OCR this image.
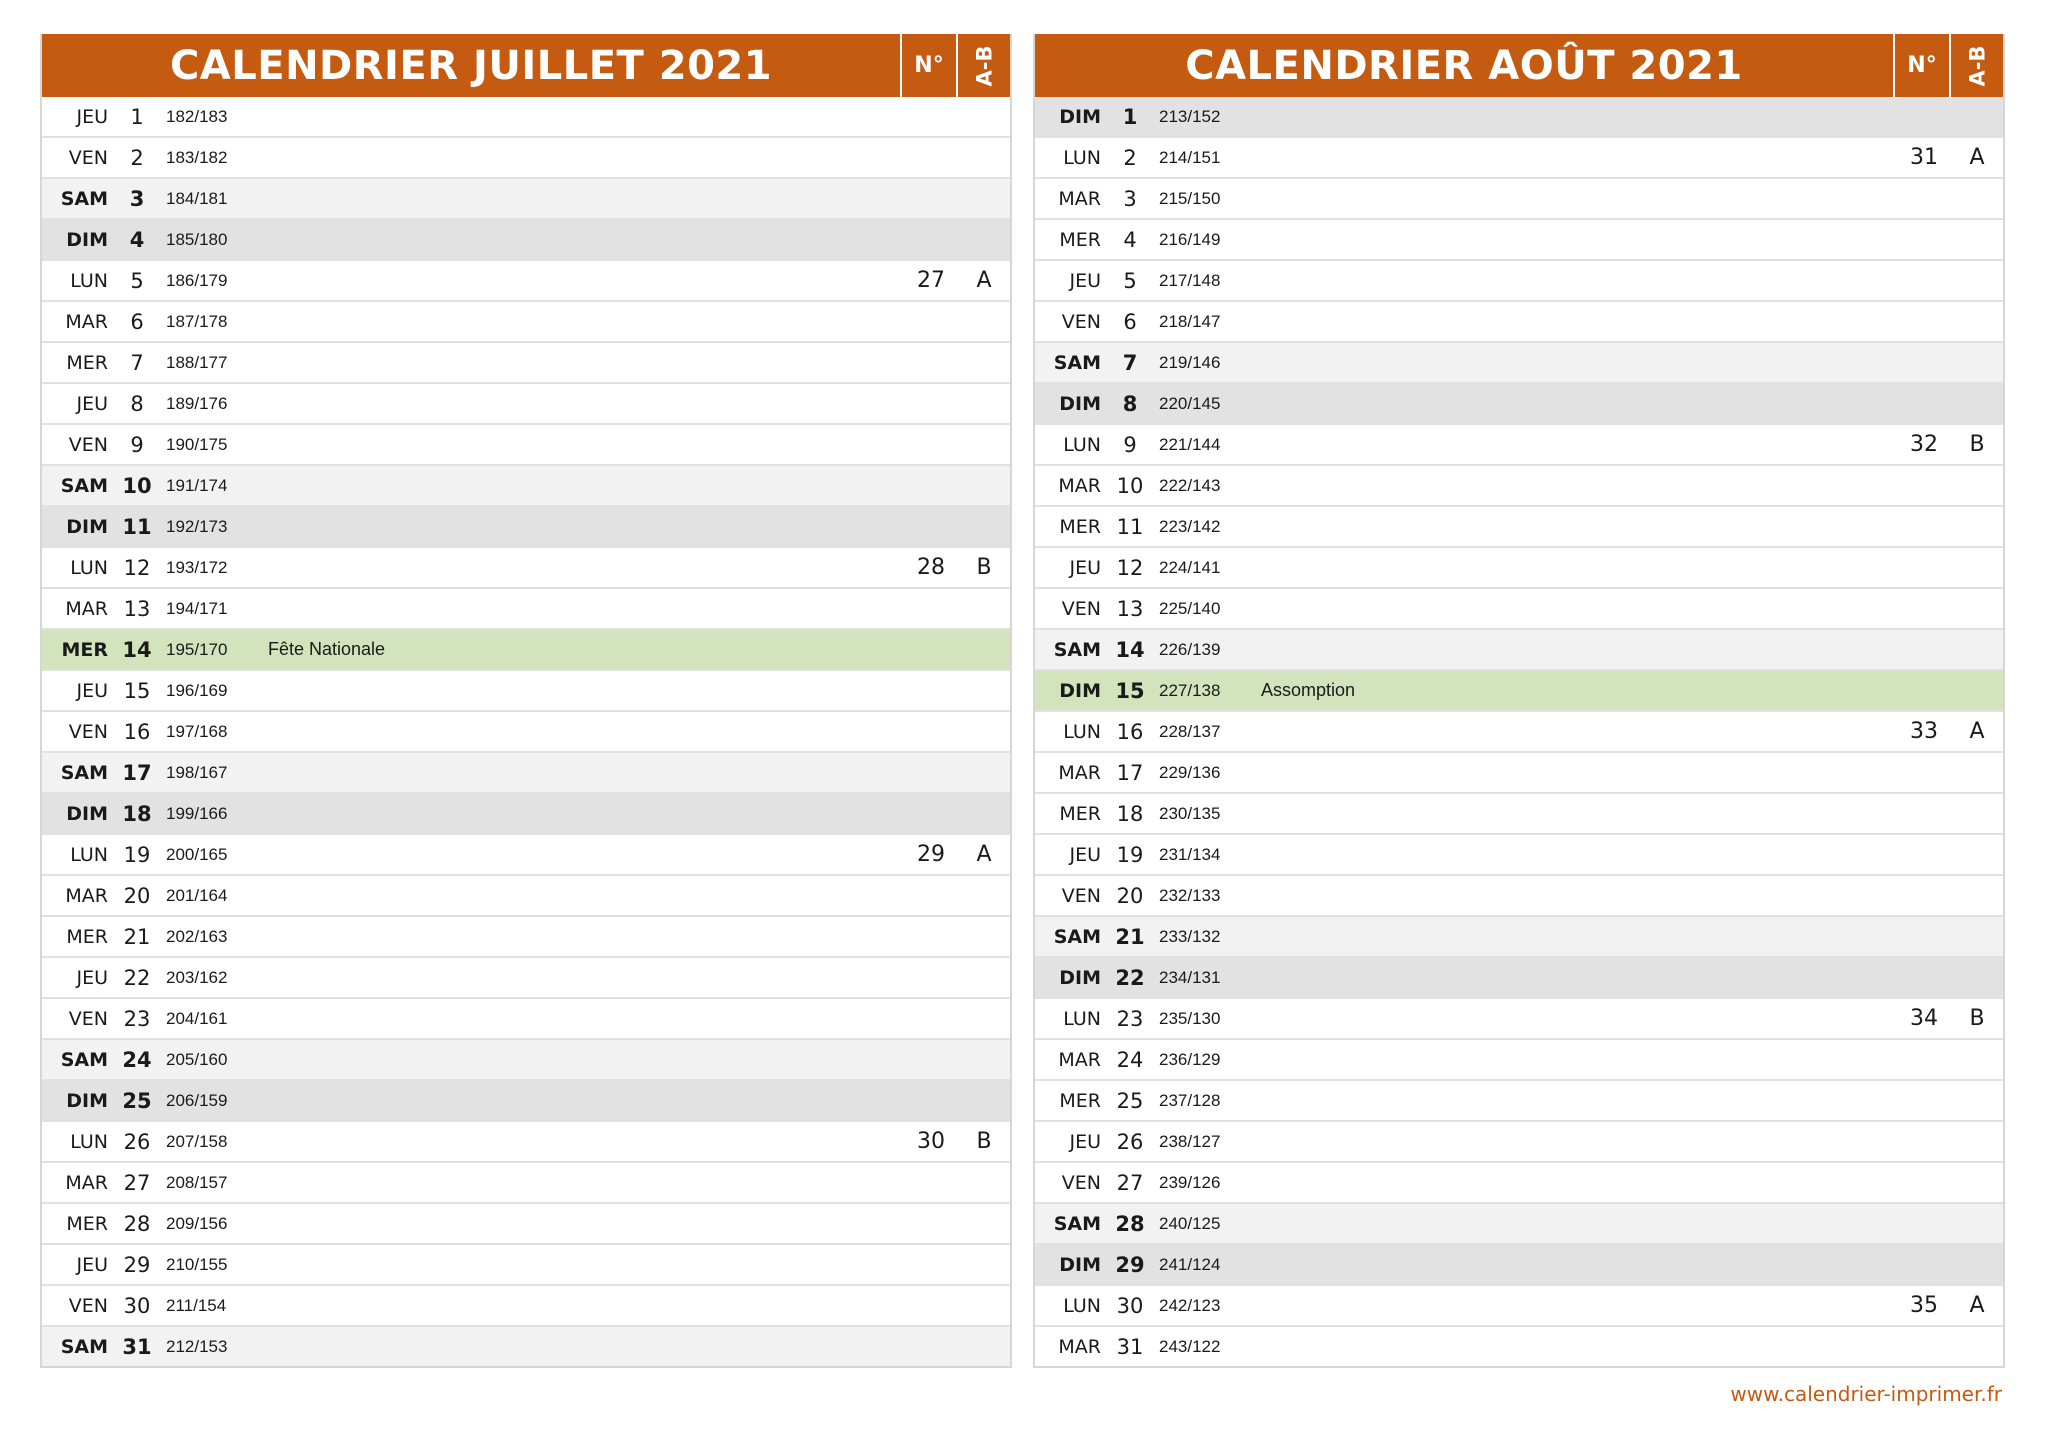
CALENDRIER JUILLET 2021	N°	A-B
JEU	1	182/183
VEN	2	183/182
SAM	3	184/181
DIM	4	185/180
LUN	5	186/179	27	A
MAR	6	187/178
MER	7	188/177
JEU	8	189/176
VEN	9	190/175
SAM 10 191/174
DIM 11 192/173
LUN 12 193/172	28	B
MAR 13 194/171
MER 14 195/170	Fête Nationale
JEU 15 196/169
VEN 16 197/168
SAM 17 198/167
DIM 18 199/166
LUN 19 200/165	29	A
MAR 20 201/164
MER 21 202/163
JEU 22 203/162
VEN 23 204/161
SAM 24 205/160
DIM 25 206/159
LUN 26 207/158	30	B
MAR 27 208/157
MER 28 209/156
JEU 29 210/155
VEN 30 211/154
SAM 31 212/153
CALENDRIER AOÛT 2021	N°	A-B
DIM	1	213/152
LUN	2	214/151	31	A
MAR	3	215/150
MER	4	216/149
JEU	5	217/148
VEN	6	218/147
SAM	7	219/146
DIM	8	220/145
LUN	9	221/144	32	B
MAR 10 222/143
MER 11 223/142
JEU 12 224/141
VEN 13 225/140
SAM 14 226/139
DIM 15 227/138	Assomption
LUN 16 228/137	33	A
MAR 17 229/136
MER 18 230/135
JEU 19 231/134
VEN 20 232/133
SAM 21 233/132
DIM 22 234/131
LUN 23 235/130	34	B
MAR 24 236/129
MER 25 237/128
JEU 26 238/127
VEN 27 239/126
SAM 28 240/125
DIM 29 241/124
LUN 30 242/123	35	A
MAR 31 243/122
www.calendrier-imprimer.fr
